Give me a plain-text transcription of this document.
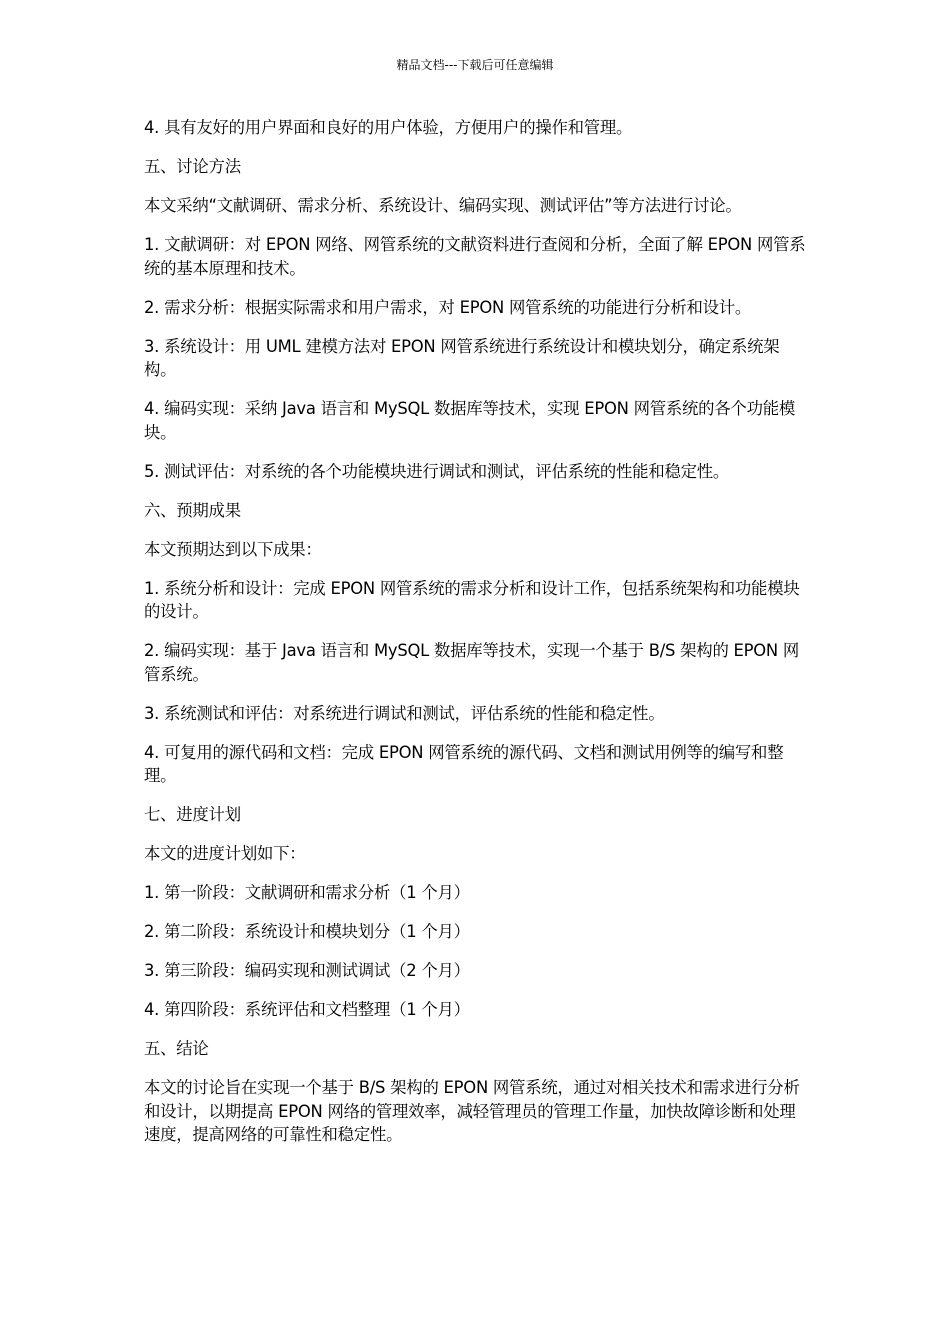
精品文档---下载后可任意编辑

4. 具有友好的用户界面和良好的用户体验，方便用户的操作和管理。

五、讨论方法

本文采纳“文献调研、需求分析、系统设计、编码实现、测试评估”等方法进行讨论。

1. 文献调研：对 EPON 网络、网管系统的文献资料进行查阅和分析，全面了解 EPON 网管系统的基本原理和技术。

2. 需求分析：根据实际需求和用户需求，对 EPON 网管系统的功能进行分析和设计。

3. 系统设计：用 UML 建模方法对 EPON 网管系统进行系统设计和模块划分，确定系统架构。

4. 编码实现：采纳 Java 语言和 MySQL 数据库等技术，实现 EPON 网管系统的各个功能模块。

5. 测试评估：对系统的各个功能模块进行调试和测试，评估系统的性能和稳定性。

六、预期成果

本文预期达到以下成果：

1. 系统分析和设计：完成 EPON 网管系统的需求分析和设计工作，包括系统架构和功能模块的设计。

2. 编码实现：基于 Java 语言和 MySQL 数据库等技术，实现一个基于 B/S 架构的 EPON 网管系统。

3. 系统测试和评估：对系统进行调试和测试，评估系统的性能和稳定性。

4. 可复用的源代码和文档：完成 EPON 网管系统的源代码、文档和测试用例等的编写和整理。

七、进度计划

本文的进度计划如下：

1. 第一阶段：文献调研和需求分析（1 个月）

2. 第二阶段：系统设计和模块划分（1 个月）

3. 第三阶段：编码实现和测试调试（2 个月）

4. 第四阶段：系统评估和文档整理（1 个月）

五、结论

本文的讨论旨在实现一个基于 B/S 架构的 EPON 网管系统，通过对相关技术和需求进行分析和设计，以期提高 EPON 网络的管理效率，减轻管理员的管理工作量，加快故障诊断和处理速度，提高网络的可靠性和稳定性。
